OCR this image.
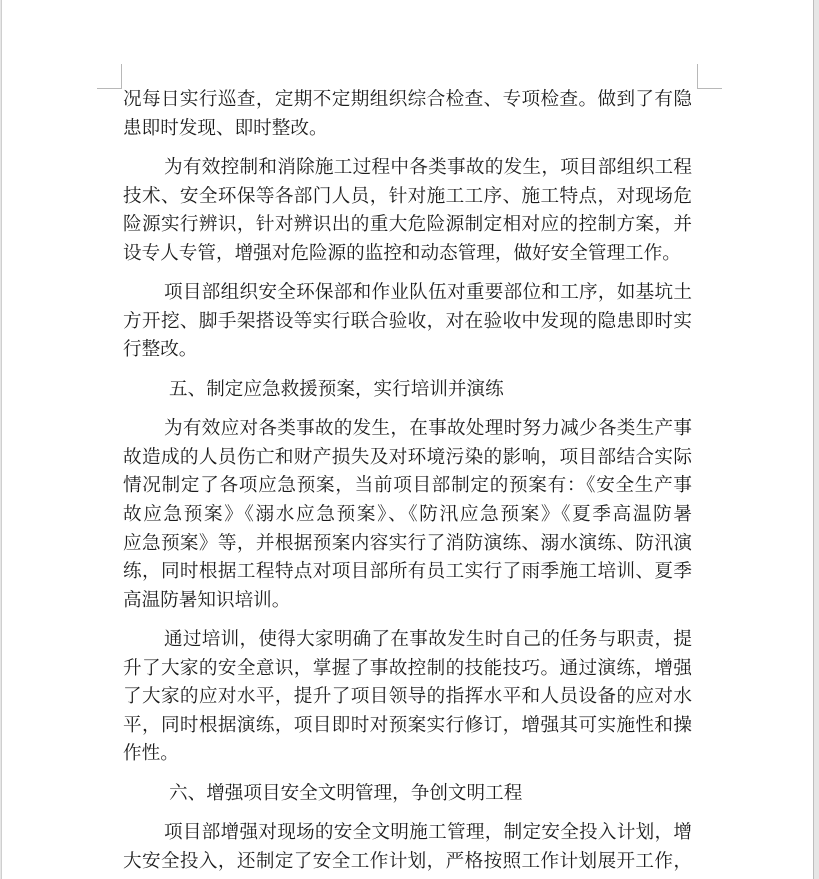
况每日实行巡查，定期不定期组织综合检查、专项检查。做到了有隐
患即时发现、即时整改。
为有效控制和消除施工过程中各类事故的发生，项目部组织工程
技术、安全环保等各部门人员，针对施工工序、施工特点，对现场危
险源实行辨识，针对辨识出的重大危险源制定相对应的控制方案，并
设专人专管，增强对危险源的监控和动态管理，做好安全管理工作。
项目部组织安全环保部和作业队伍对重要部位和工序，如基坑土
方开挖、脚手架搭设等实行联合验收，对在验收中发现的隐患即时实
行整改。
五、制定应急救援预案，实行培训并演练
为有效应对各类事故的发生，在事故处理时努力减少各类生产事
故造成的人员伤亡和财产损失及对环境污染的影响，项目部结合实际
情况制定了各项应急预案，当前项目部制定的预案有：《安全生产事
故应急预案》《溺水应急预案》、《防汛应急预案》《夏季高温防暑
应急预案》等，并根据预案内容实行了消防演练、溺水演练、防汛演
练，同时根据工程特点对项目部所有员工实行了雨季施工培训、夏季
高温防暑知识培训。
通过培训，使得大家明确了在事故发生时自己的任务与职责，提
升了大家的安全意识，掌握了事故控制的技能技巧。通过演练，增强
了大家的应对水平，提升了项目领导的指挥水平和人员设备的应对水
平，同时根据演练，项目即时对预案实行修订，增强其可实施性和操
作性。
六、增强项目安全文明管理，争创文明工程
项目部增强对现场的安全文明施工管理，制定安全投入计划，增
大安全投入，还制定了安全工作计划，严格按照工作计划展开工作，
